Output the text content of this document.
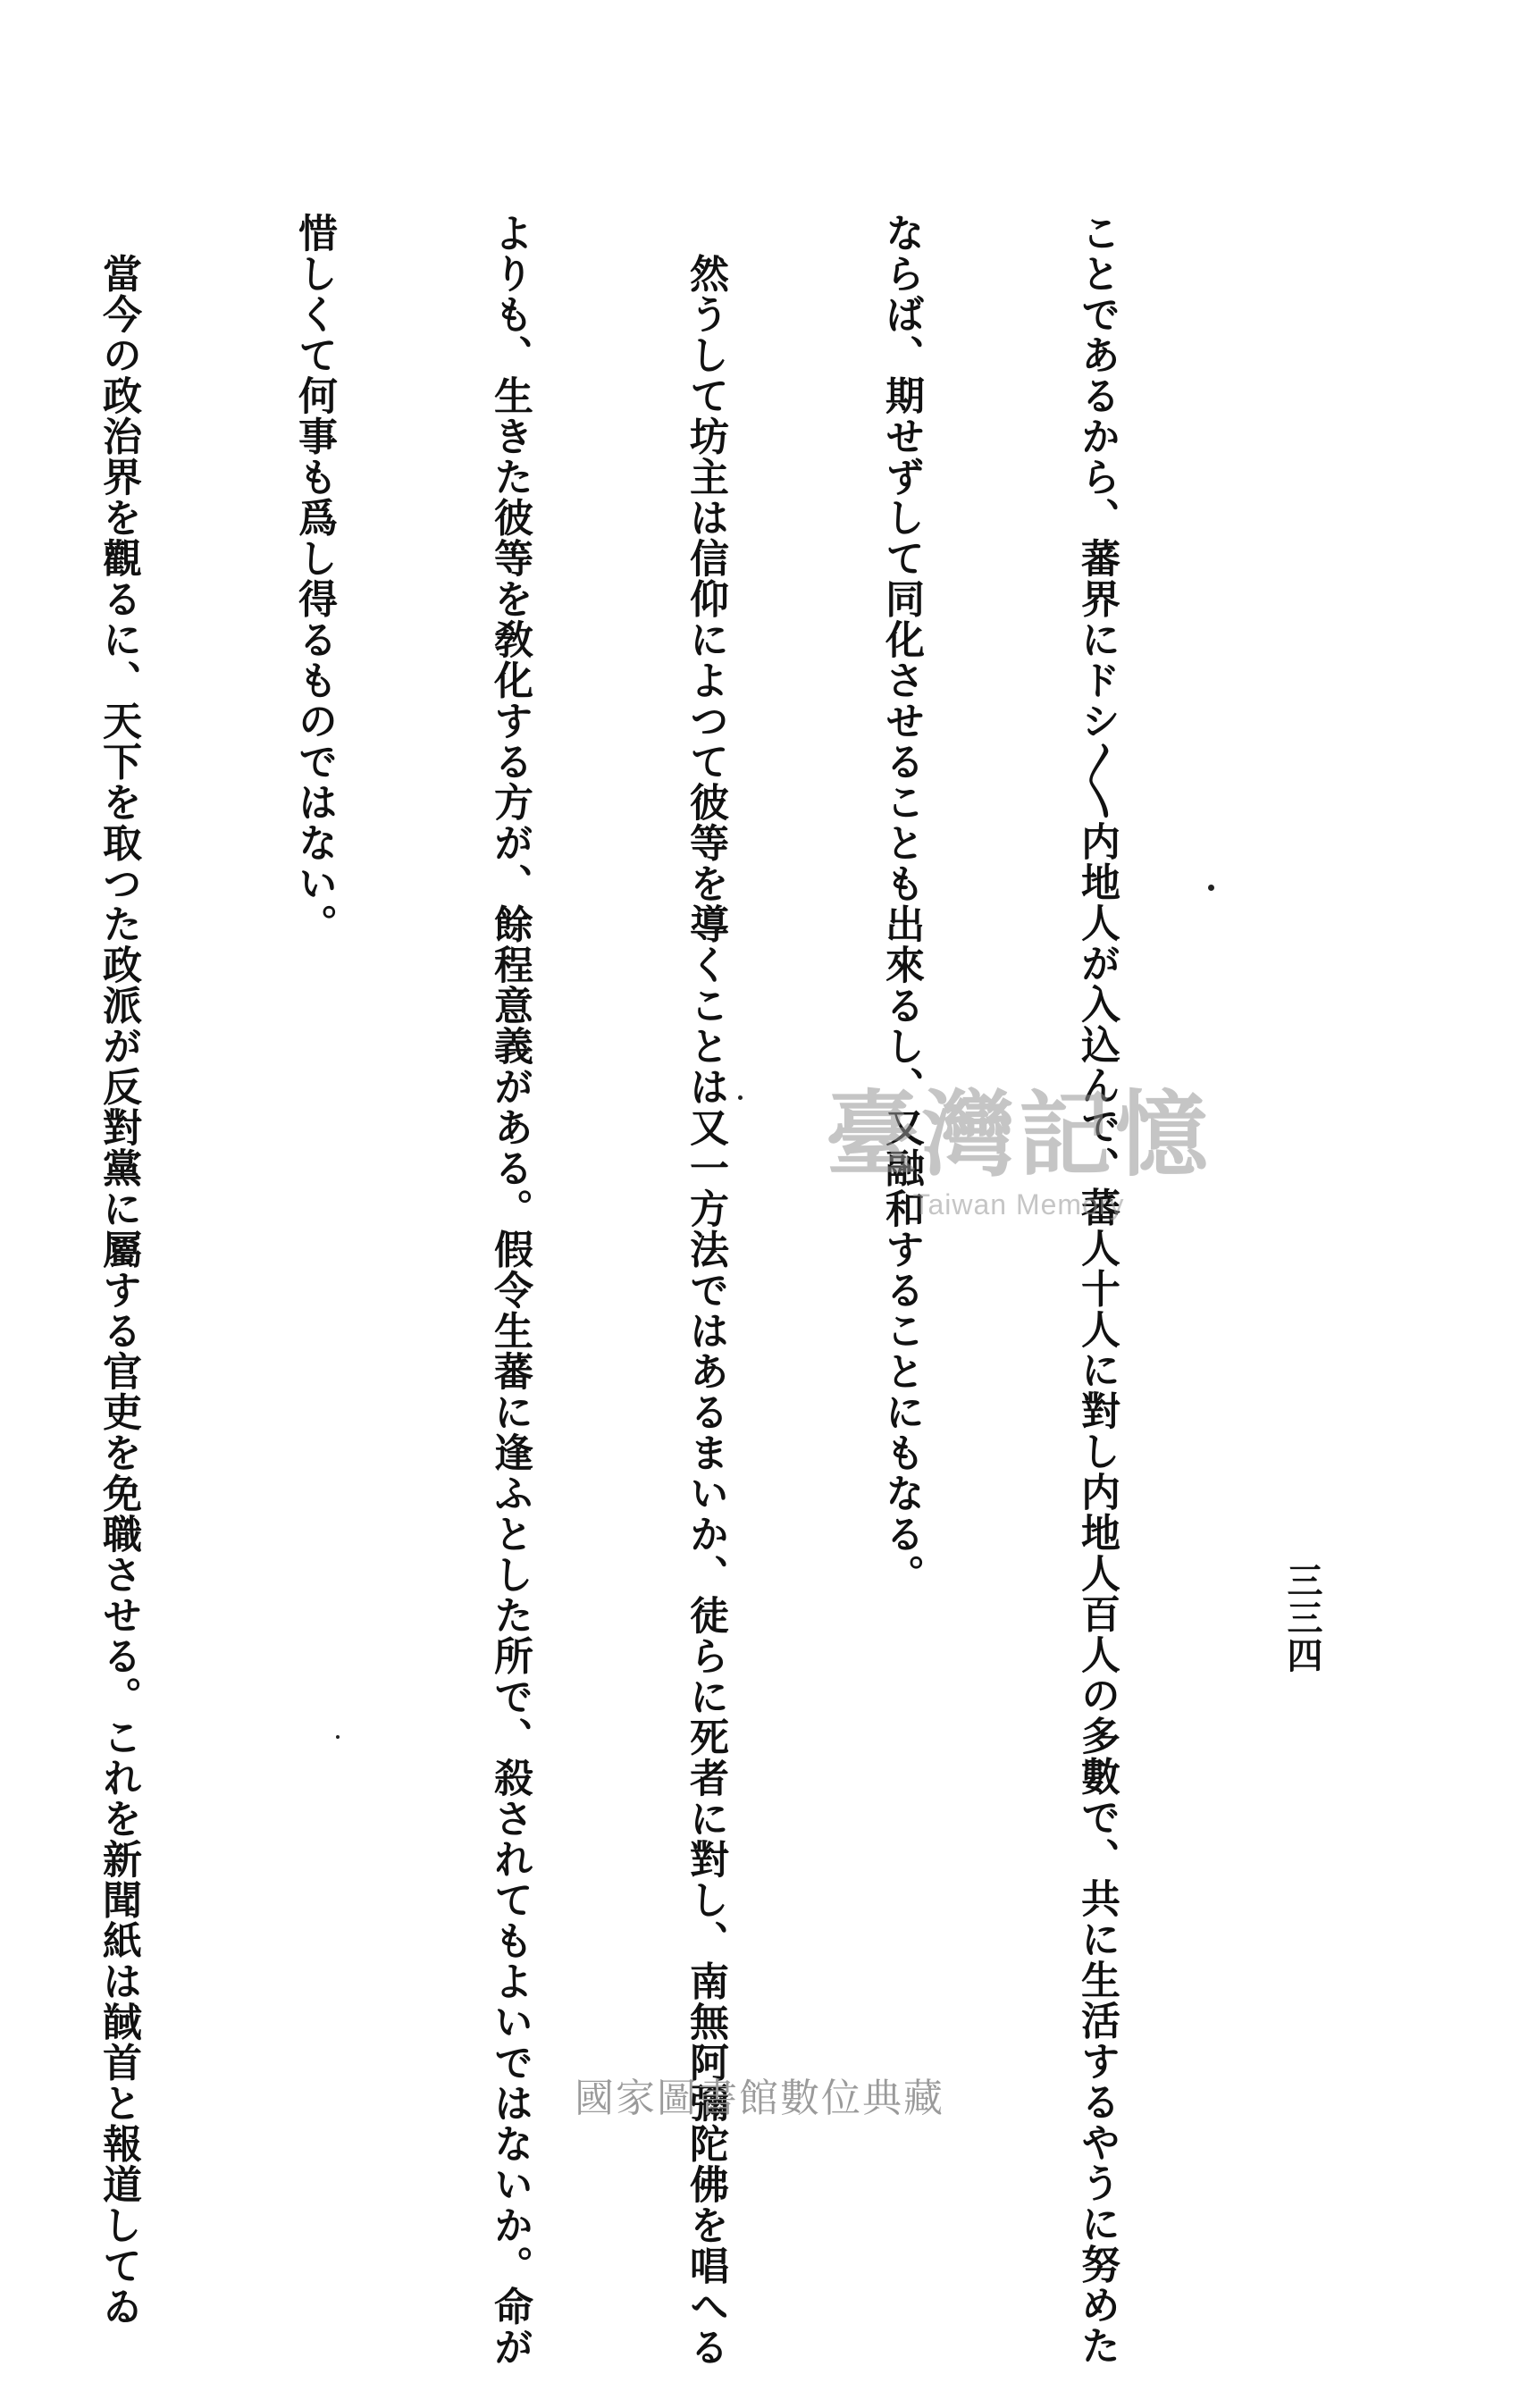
三三四

ことであるから、蕃界にドシ〳〵内地人が入込んで、蕃人十人に對し内地人百人の多數で、共に生活するやうに努めた

ならば、期せずして同化させることも出來るし、又融和することにもなる。

　然うして坊主は信仰によつて彼等を導くことは又一方法ではあるまいか、徒らに死者に對し、南無阿彌陀佛を唱へる

よりも、生きた彼等を敎化する方が、餘程意義がある。假令生蕃に逢ふとした所で、殺されてもよいではないか。命が

惜しくて何事も爲し得るものではない。

　當今の政治界を觀るに、天下を取つた政派が反對黨に屬する官吏を免職させる。これを新聞紙は馘首と報道してゐ

	臺灣記憶
Taiwan Memory
國家圖書館數位典藏
